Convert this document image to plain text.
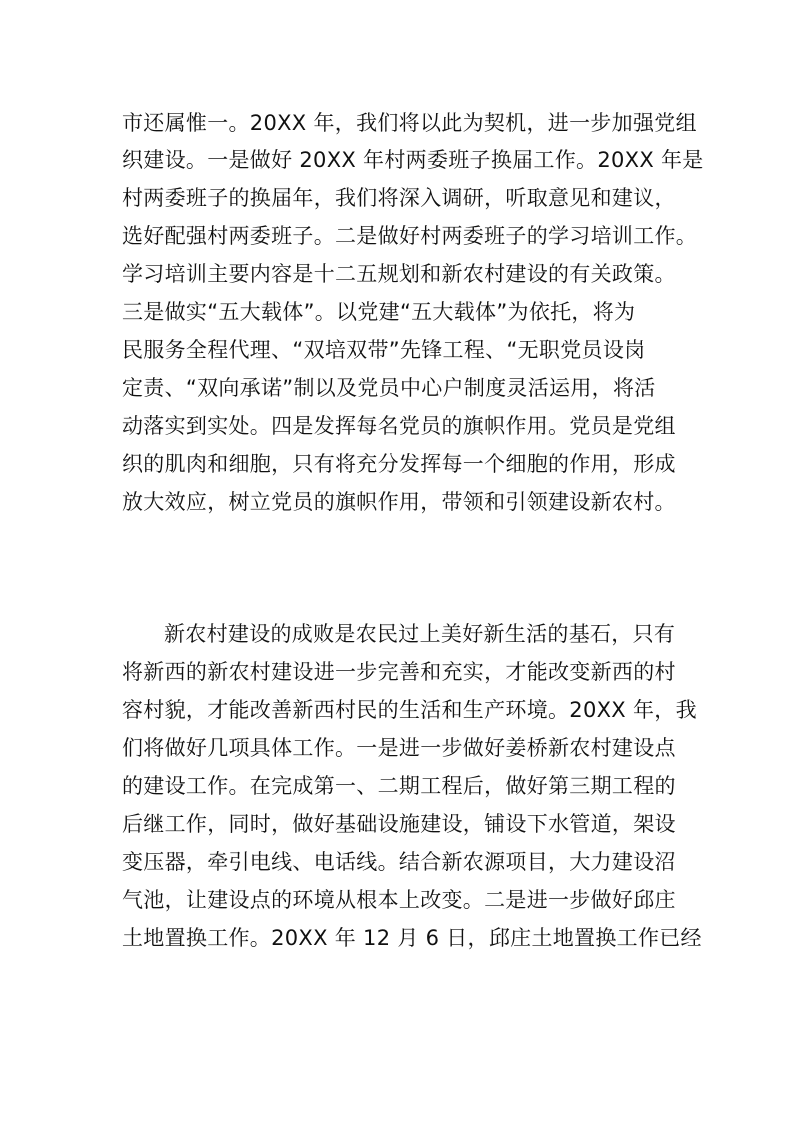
市还属惟一。20XX 年，我们将以此为契机，进一步加强党组
织建设。一是做好 20XX 年村两委班子换届工作。20XX 年是
村两委班子的换届年，我们将深入调研，听取意见和建议，
选好配强村两委班子。二是做好村两委班子的学习培训工作。
学习培训主要内容是十二五规划和新农村建设的有关政策。
三是做实“五大载体”。以党建“五大载体”为依托，将为
民服务全程代理、“双培双带”先锋工程、“无职党员设岗
定责、“双向承诺”制以及党员中心户制度灵活运用，将活
动落实到实处。四是发挥每名党员的旗帜作用。党员是党组
织的肌肉和细胞，只有将充分发挥每一个细胞的作用，形成
放大效应，树立党员的旗帜作用，带领和引领建设新农村。
新农村建设的成败是农民过上美好新生活的基石，只有
将新西的新农村建设进一步完善和充实，才能改变新西的村
容村貌，才能改善新西村民的生活和生产环境。20XX 年，我
们将做好几项具体工作。一是进一步做好姜桥新农村建设点
的建设工作。在完成第一、二期工程后，做好第三期工程的
后继工作，同时，做好基础设施建设，铺设下水管道，架设
变压器，牵引电线、电话线。结合新农源项目，大力建设沼
气池，让建设点的环境从根本上改变。二是进一步做好邱庄
土地置换工作。20XX 年 12 月 6 日，邱庄土地置换工作已经
